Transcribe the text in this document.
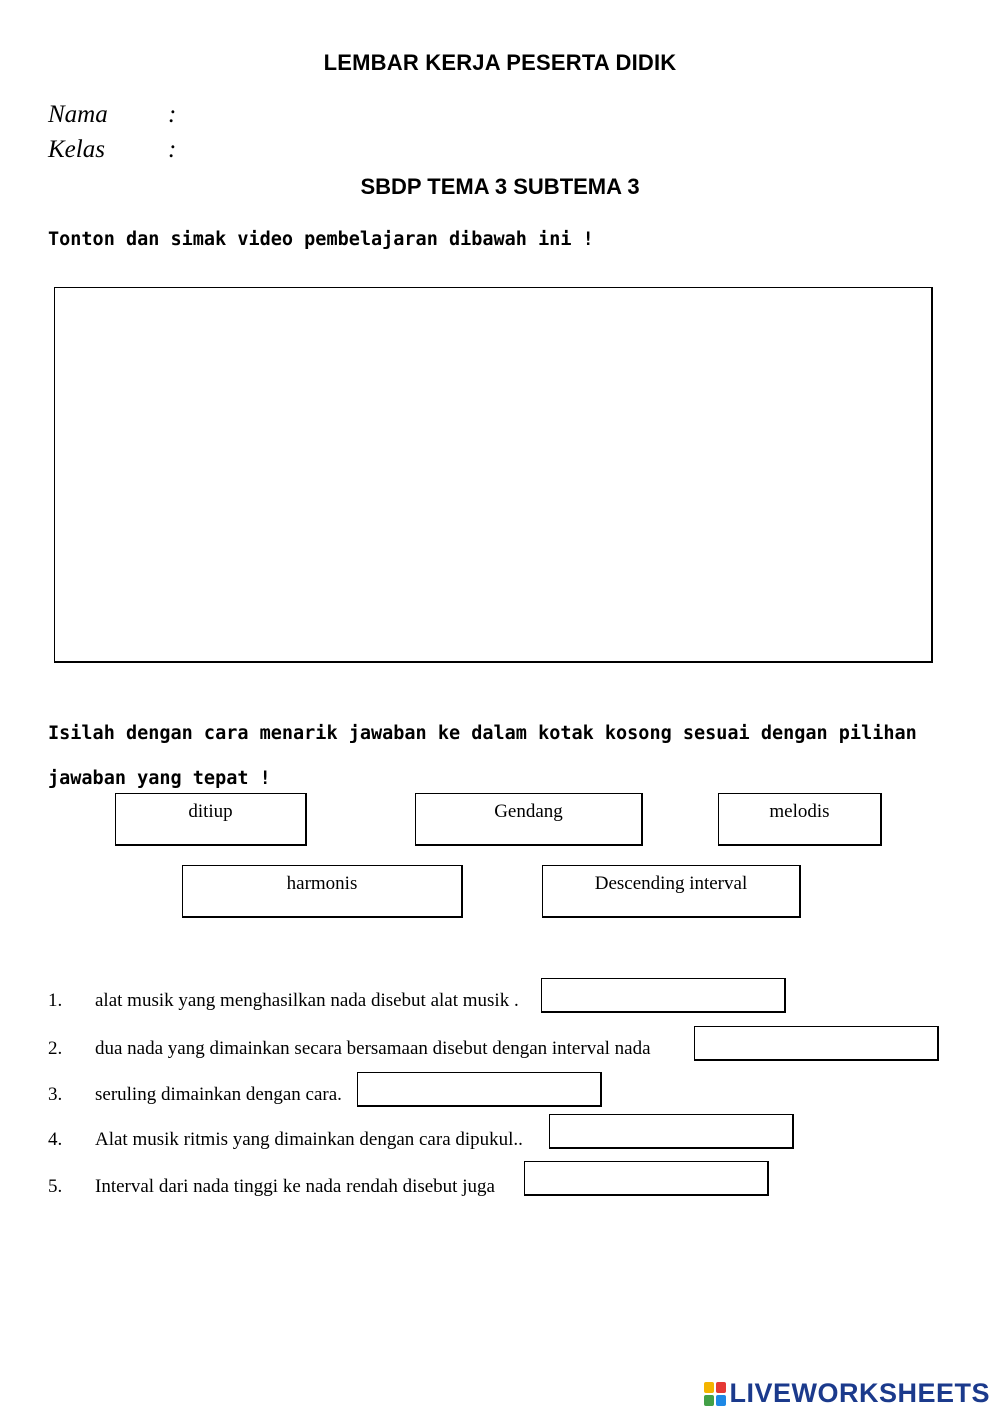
LEMBAR KERJA PESERTA DIDIK
Nama :
Kelas	:
SBDP TEMA 3 SUBTEMA 3
Tonton dan simak video pembelajaran dibawah ini !
Isilah dengan cara menarik jawaban ke dalam kotak kosong sesuai dengan pilihan jawaban yang tepat !
ditiup	Gendang	melodis
harmonis	Descending interval
1. alat musik yang menghasilkan nada disebut alat musik .
2. dua nada yang dimainkan secara bersamaan disebut dengan interval nada
3. seruling dimainkan dengan cara.
4. Alat musik ritmis yang dimainkan dengan cara dipukul..
5. Interval dari nada tinggi ke nada rendah disebut juga
LIVEWORKSHEETS
